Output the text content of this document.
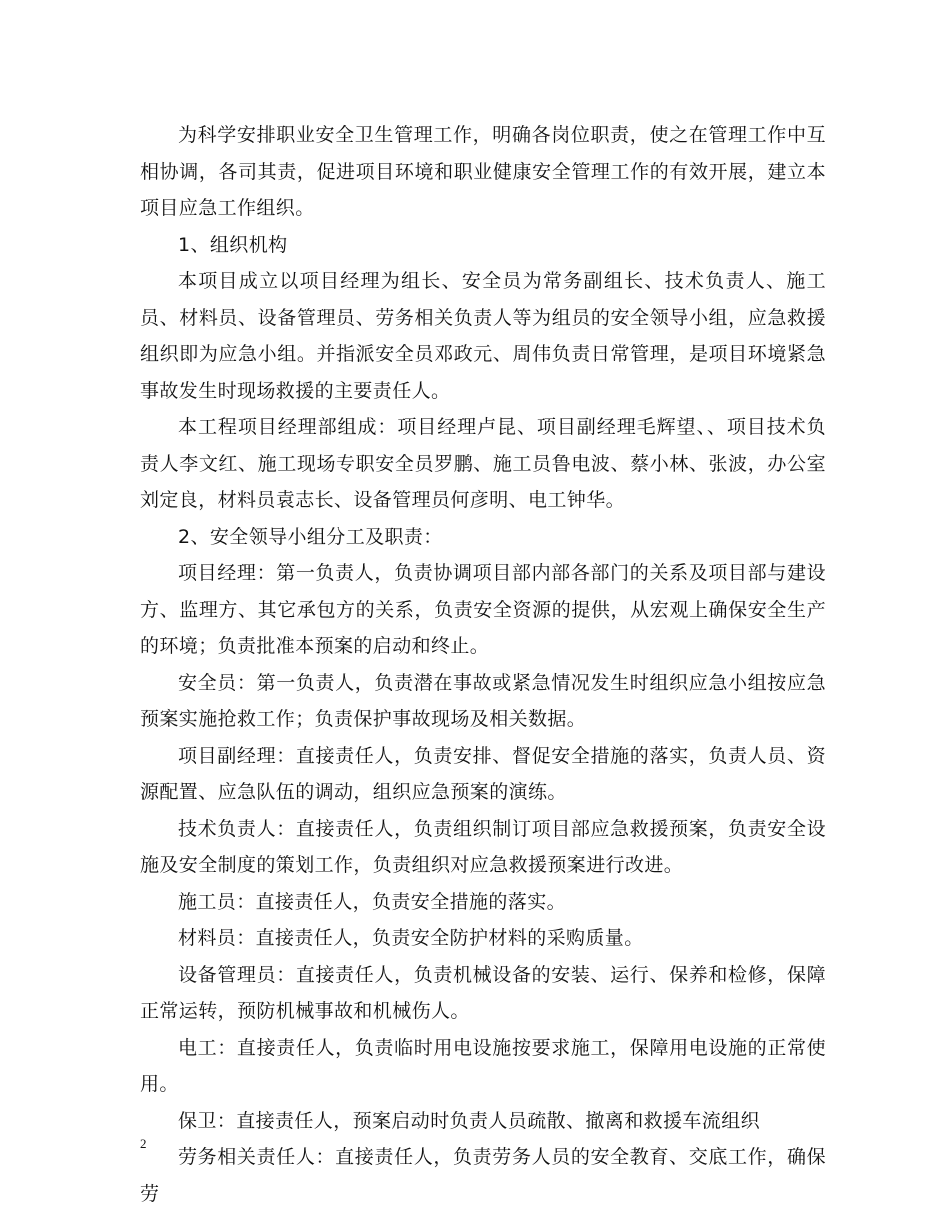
为科学安排职业安全卫生管理工作，明确各岗位职责，使之在管理工作中互相协调，各司其责，促进项目环境和职业健康安全管理工作的有效开展，建立本项目应急工作组织。

1、组织机构

本项目成立以项目经理为组长、安全员为常务副组长、技术负责人、施工员、材料员、设备管理员、劳务相关负责人等为组员的安全领导小组，应急救援组织即为应急小组。并指派安全员邓政元、周伟负责日常管理，是项目环境紧急事故发生时现场救援的主要责任人。

本工程项目经理部组成：项目经理卢昆、项目副经理毛辉望、、项目技术负责人李文红、施工现场专职安全员罗鹏、施工员鲁电波、蔡小林、张波，办公室刘定良，材料员袁志长、设备管理员何彦明、电工钟华。

2、安全领导小组分工及职责：

项目经理：第一负责人，负责协调项目部内部各部门的关系及项目部与建设方、监理方、其它承包方的关系，负责安全资源的提供，从宏观上确保安全生产的环境；负责批准本预案的启动和终止。

安全员：第一负责人，负责潜在事故或紧急情况发生时组织应急小组按应急预案实施抢救工作；负责保护事故现场及相关数据。

项目副经理：直接责任人，负责安排、督促安全措施的落实，负责人员、资源配置、应急队伍的调动，组织应急预案的演练。

技术负责人：直接责任人，负责组织制订项目部应急救援预案，负责安全设施及安全制度的策划工作，负责组织对应急救援预案进行改进。

施工员：直接责任人，负责安全措施的落实。

材料员：直接责任人，负责安全防护材料的采购质量。

设备管理员：直接责任人，负责机械设备的安装、运行、保养和检修，保障正常运转，预防机械事故和机械伤人。

电工：直接责任人，负责临时用电设施按要求施工，保障用电设施的正常使用。

保卫：直接责任人，预案启动时负责人员疏散、撤离和救援车流组织

劳务相关责任人：直接责任人，负责劳务人员的安全教育、交底工作，确保劳

2
